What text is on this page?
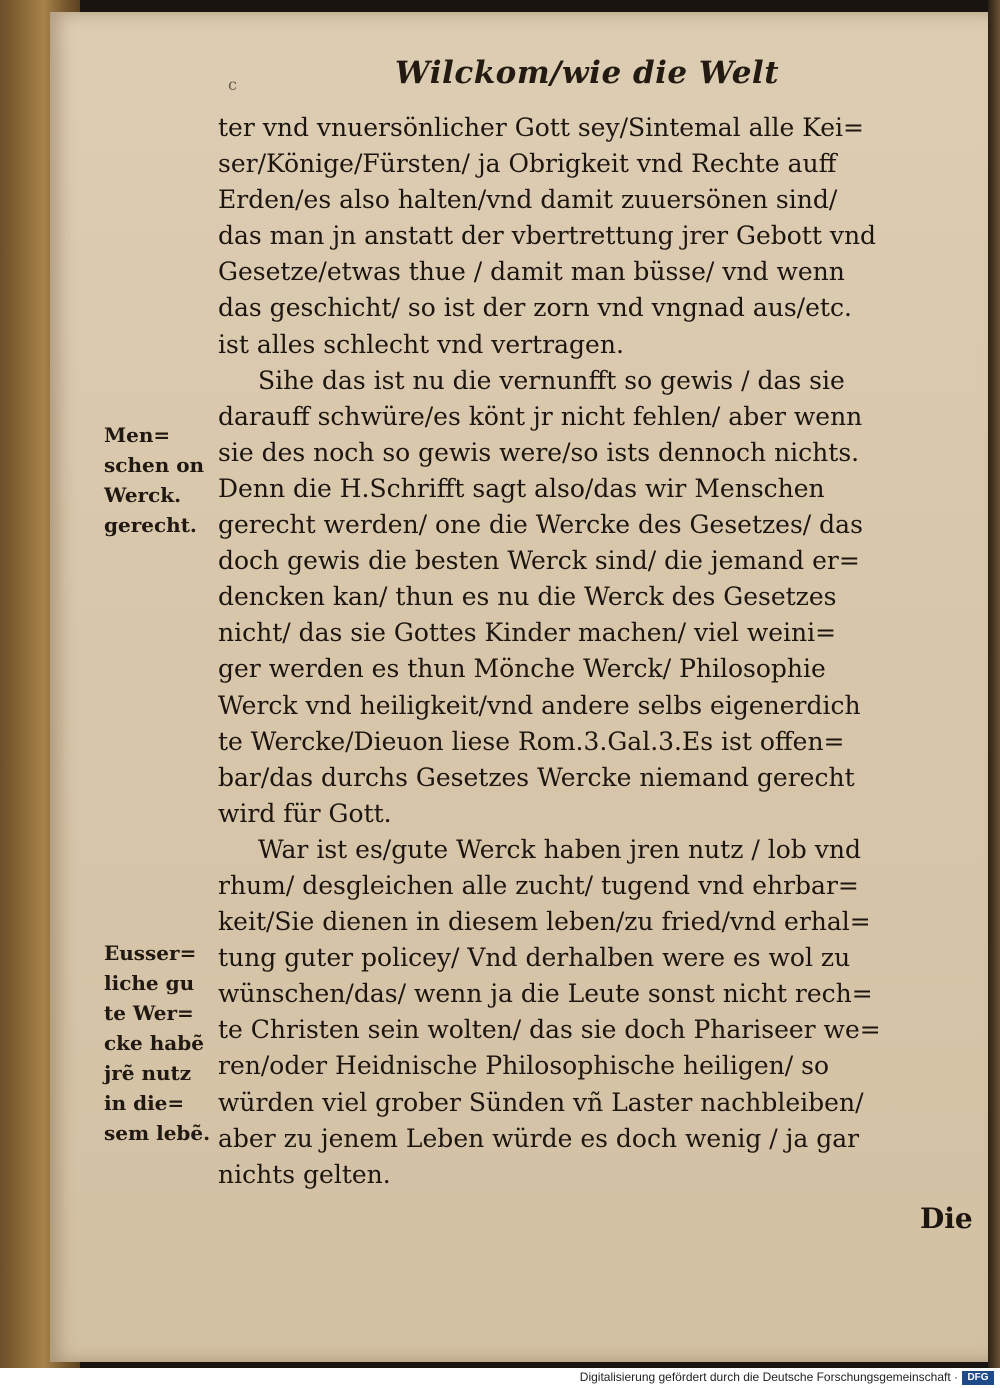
c	Wilckom/wie die Welt
ter vnd vnuersönlicher Gott sey/Sintemal alle Kei=
ser/Könige/Fürsten/ ja Obrigkeit vnd Rechte auff
Erden/es also halten/vnd damit zuuersönen sind/
das man jn anstatt der vbertrettung jrer Gebott vnd
Gesetze/etwas thue / damit man büsse/ vnd wenn
das geschicht/ so ist der zorn vnd vngnad aus/etc.
ist alles schlecht vnd vertragen.
Sihe das ist nu die vernunfft so gewis / das sie
darauff schwüre/es könt jr nicht fehlen/ aber wenn
sie des noch so gewis were/so ists dennoch nichts.
Denn die H.Schrifft sagt also/das wir Menschen
gerecht werden/ one die Wercke des Gesetzes/ das
doch gewis die besten Werck sind/ die jemand er=
dencken kan/ thun es nu die Werck des Gesetzes
nicht/ das sie Gottes Kinder machen/ viel weini=
ger werden es thun Mönche Werck/ Philosophie
Werck vnd heiligkeit/vnd andere selbs eigenerdich
te Wercke/Dieuon liese Rom.3.Gal.3.Es ist offen=
bar/das durchs Gesetzes Wercke niemand gerecht
wird für Gott.
War ist es/gute Werck haben jren nutz / lob vnd
rhum/ desgleichen alle zucht/ tugend vnd ehrbar=
keit/Sie dienen in diesem leben/zu fried/vnd erhal=
tung guter policey/ Vnd derhalben were es wol zu
wünschen/das/ wenn ja die Leute sonst nicht rech=
te Christen sein wolten/ das sie doch Phariseer we=
ren/oder Heidnische Philosophische heiligen/ so
würden viel grober Sünden vñ Laster nachbleiben/
aber zu jenem Leben würde es doch wenig / ja gar
nichts gelten.
Men=
schen on
Werck.
gerecht.
Eusser=
liche gu
te Wer=
cke habẽ
jrẽ nutz
in die=
sem lebẽ.
Die
Digitalisierung gefördert durch die Deutsche Forschungsgemeinschaft · DFG
